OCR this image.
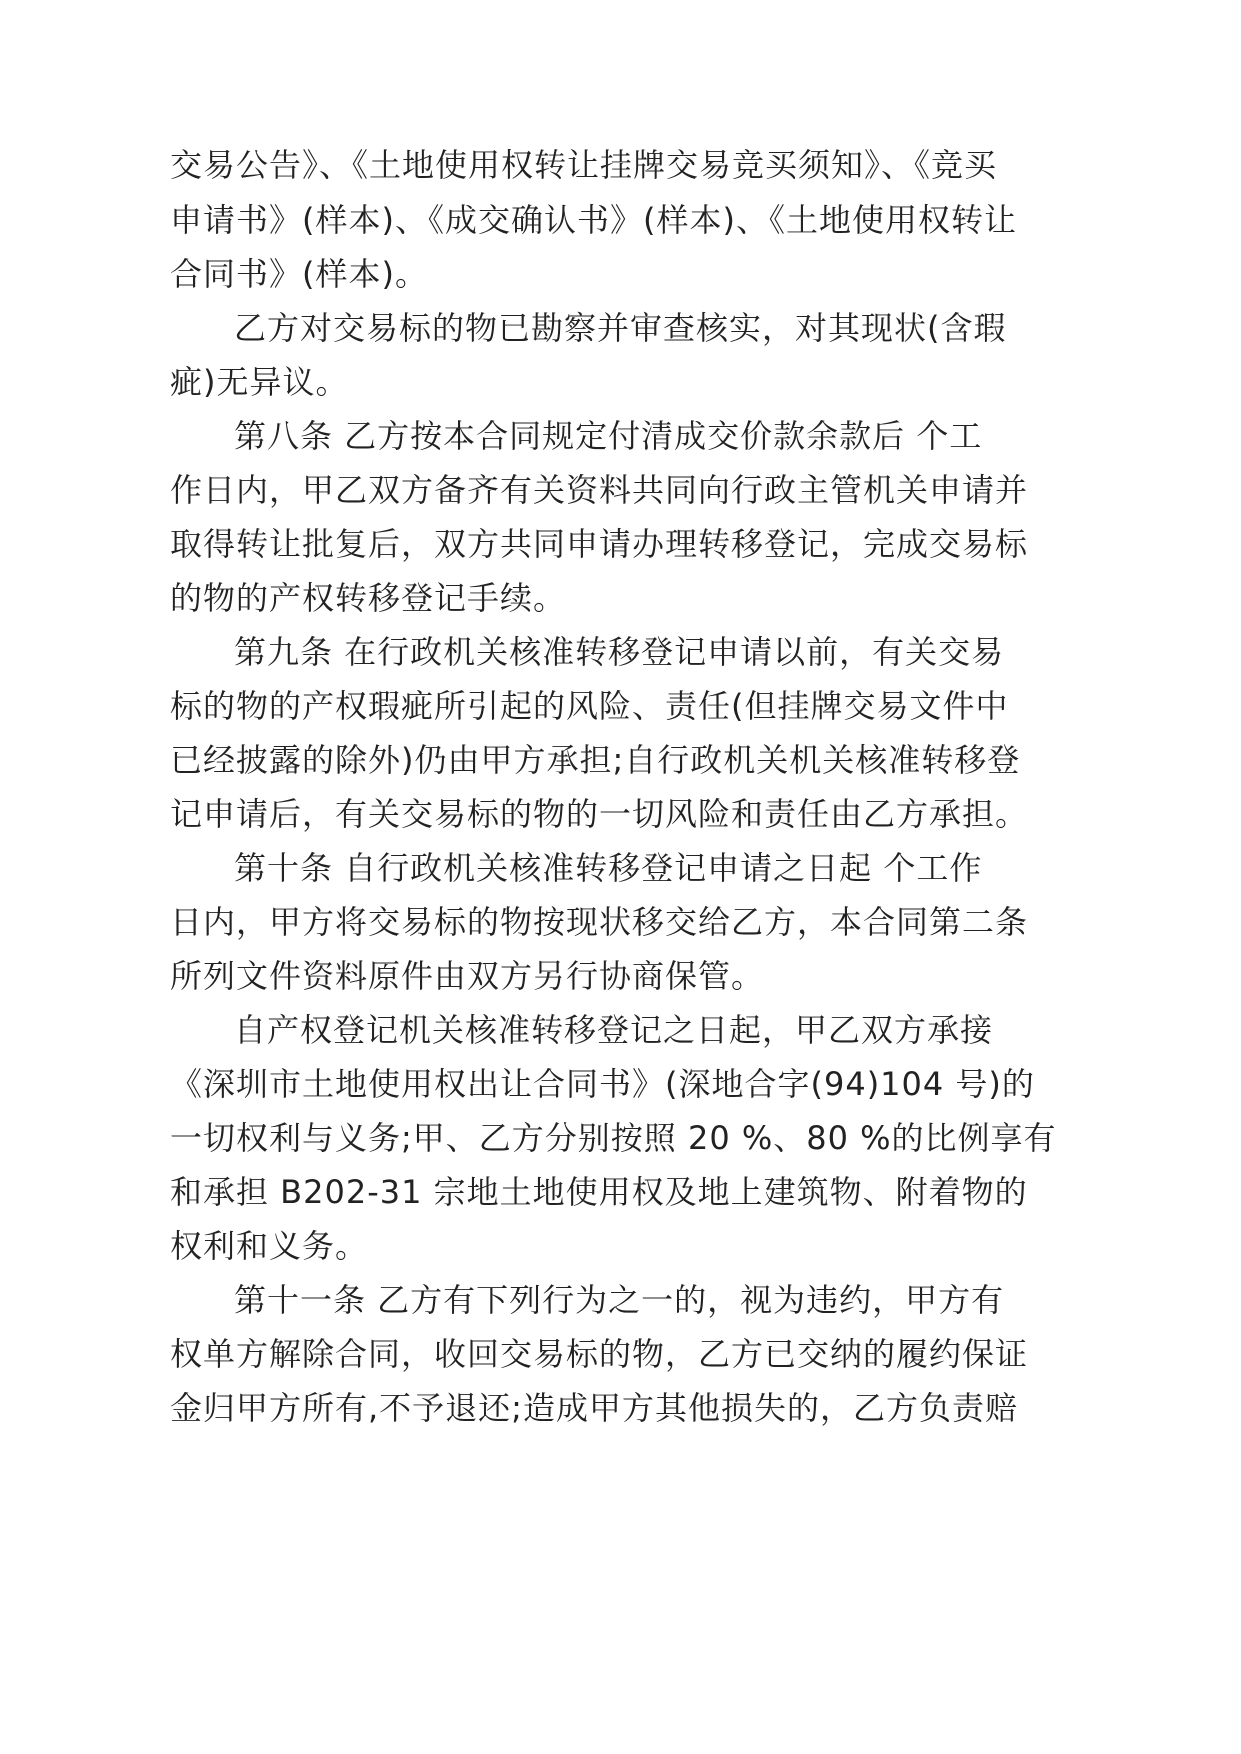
交易公告》、《土地使用权转让挂牌交易竞买须知》、《竞买
申请书》(样本)、《成交确认书》(样本)、《土地使用权转让
合同书》(样本)。
乙方对交易标的物已勘察并审查核实，对其现状(含瑕
疵)无异议。
第八条 乙方按本合同规定付清成交价款余款后 个工
作日内，甲乙双方备齐有关资料共同向行政主管机关申请并
取得转让批复后，双方共同申请办理转移登记，完成交易标
的物的产权转移登记手续。
第九条 在行政机关核准转移登记申请以前，有关交易
标的物的产权瑕疵所引起的风险、责任(但挂牌交易文件中
已经披露的除外)仍由甲方承担;自行政机关机关核准转移登
记申请后，有关交易标的物的一切风险和责任由乙方承担。
第十条 自行政机关核准转移登记申请之日起 个工作
日内，甲方将交易标的物按现状移交给乙方，本合同第二条
所列文件资料原件由双方另行协商保管。
自产权登记机关核准转移登记之日起，甲乙双方承接
《深圳市土地使用权出让合同书》(深地合字(94)104 号)的
一切权利与义务;甲、乙方分别按照 20 %、80 %的比例享有
和承担 B202-31 宗地土地使用权及地上建筑物、附着物的
权利和义务。
第十一条 乙方有下列行为之一的，视为违约，甲方有
权单方解除合同，收回交易标的物，乙方已交纳的履约保证
金归甲方所有,不予退还;造成甲方其他损失的，乙方负责赔
